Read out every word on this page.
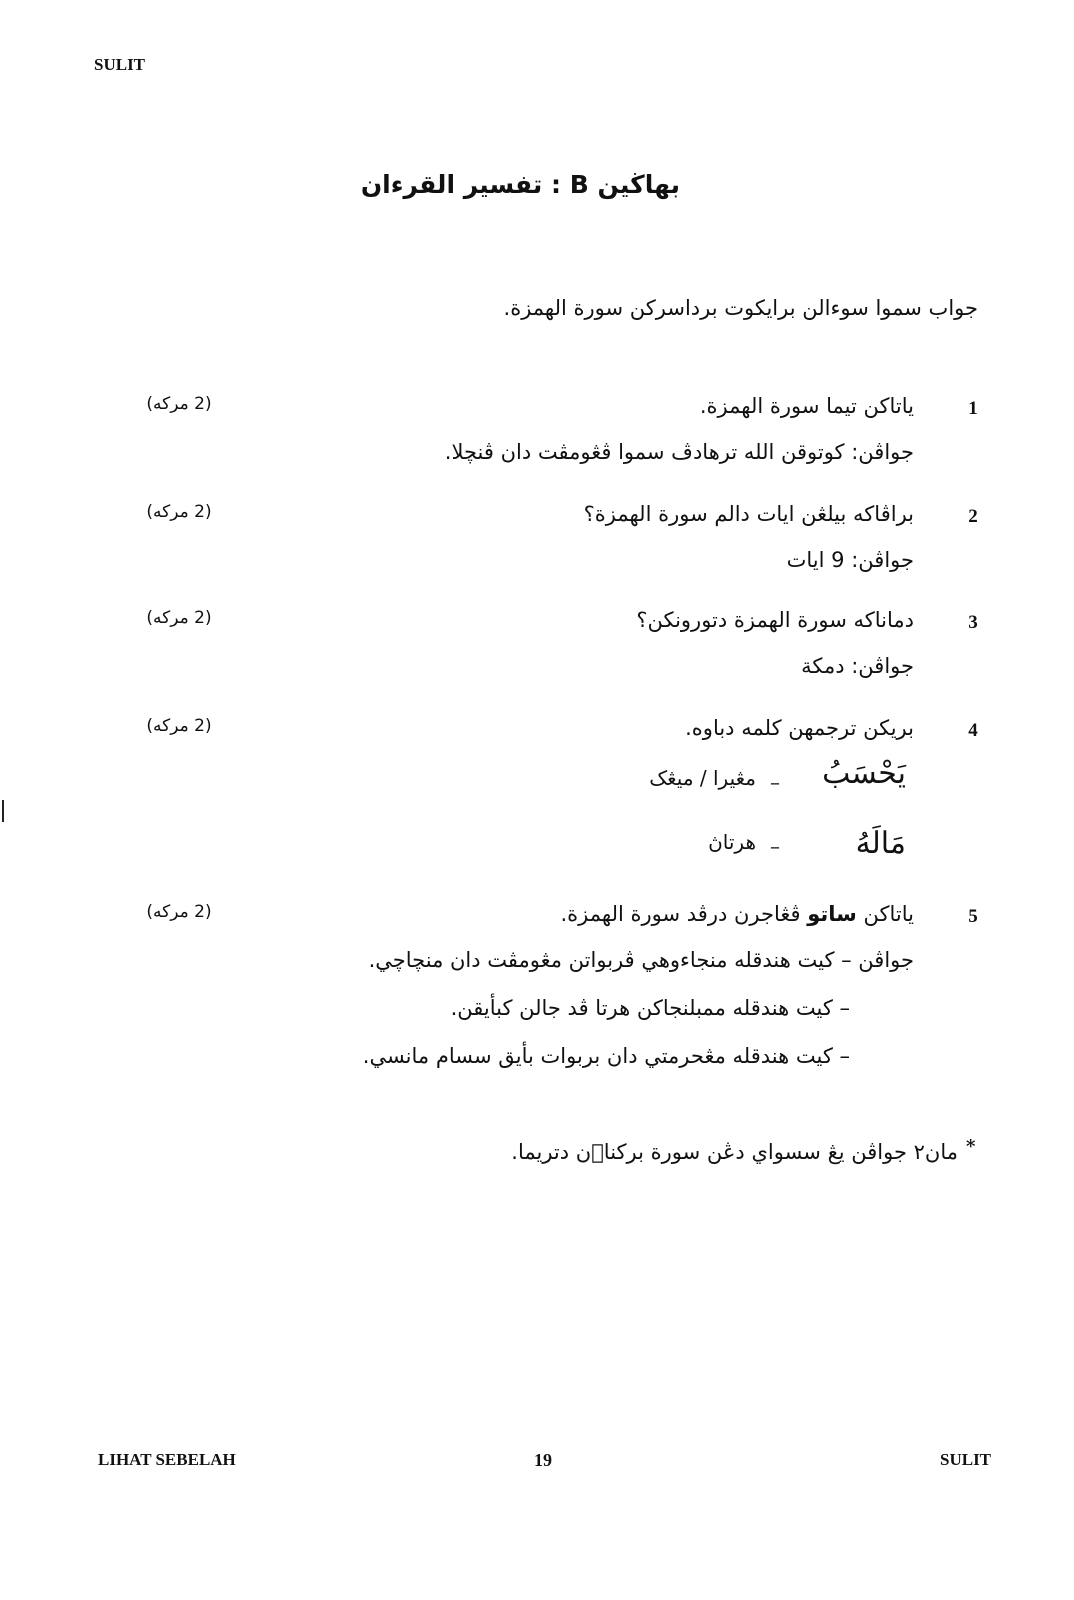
SULIT
بهاڬين B : تفسير القرءان
جواب سموا سوءالن برايکوت برداسرکن سورة الهمزة.
1
ياتاکن تيما سورة الهمزة.
(2 مرکه)
جواڤن: کوتوقن الله ترهادڤ سموا ڤڠومڤت دان ڤنچلا.
2
براڤاکه بيلڠن ايات دالم سورة الهمزة؟
(2 مرکه)
جواڤن: 9 ايات
3
دماناکه سورة الهمزة دتورونکن؟
(2 مرکه)
جواڤن: دمکة
4
بريکن ترجمهن کلمه دباوه.
(2 مرکه)
يَحْسَبُ
–
مڠيرا / ميڠک
مَالَهُ
–
هرتاڽ
5
ياتاکن ساتو ڤڠاجرن درڤد سورة الهمزة.
(2 مرکه)
جواڤن – کيت هندقله منجاءوهي ڤربواتن مڠومڤت دان منچاچي.
– کيت هندقله ممبلنجاکن هرتا ڤد جالن کبأيقن.
– کيت هندقله مڠحرمتي دان بربوات بأيق سسام مانسي.
*
مان٢ جواڤن يڠ سسواي دڠن سورة برکنا٘ن دتريما.
LIHAT SEBELAH	19	SULIT
